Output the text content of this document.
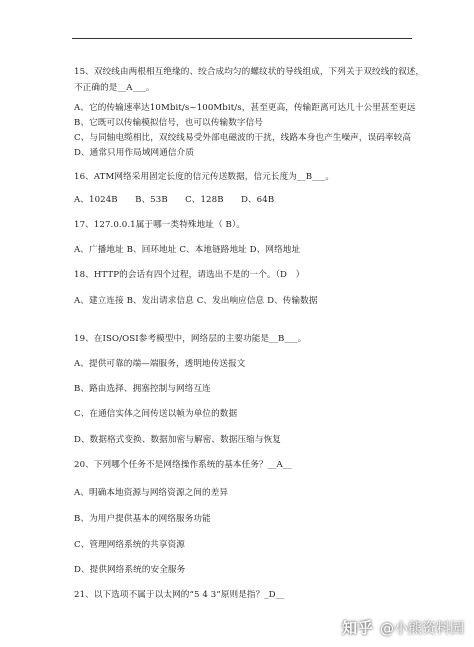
15、双绞线由两根相互绝缘的、绞合成均匀的螺纹状的导线组成，下列关于双绞线的叙述，
不正确的是__A___。
A、它的传输速率达10Mbit/s~100Mbit/s，甚至更高，传输距离可达几十公里甚至更远
B、它既可以传输模拟信号，也可以传输数字信号
C、与同轴电缆相比，双绞线易受外部电磁波的干扰，线路本身也产生噪声，误码率较高
D、通常只用作局域网通信介质
16、ATM网络采用固定长度的信元传送数据，信元长度为__B___。
A、1024B　　B、53B　　C、128B　　D、64B
17、127.0.0.1属于哪一类特殊地址（ B）。
A、广播地址 B、回环地址 C、本地链路地址 D、网络地址
18、HTTP的会话有四个过程，请选出不是的一个。（D　）
A、建立连接 B、发出请求信息 C、发出响应信息 D、传输数据
19、在ISO/OSI参考模型中，网络层的主要功能是__B___。
A、提供可靠的端—端服务，透明地传送报文
B、路由选择、拥塞控制与网络互连
C、在通信实体之间传送以帧为单位的数据
D、数据格式变换、数据加密与解密、数据压缩与恢复
20、下列哪个任务不是网络操作系统的基本任务？__A__
A、明确本地资源与网络资源之间的差异
B、为用户提供基本的网络服务功能
C、管理网络系统的共享资源
D、提供网络系统的安全服务
21、以下选项不属于以太网的“5 4 3”原则是指？_D__
知乎 @小熊资料园
